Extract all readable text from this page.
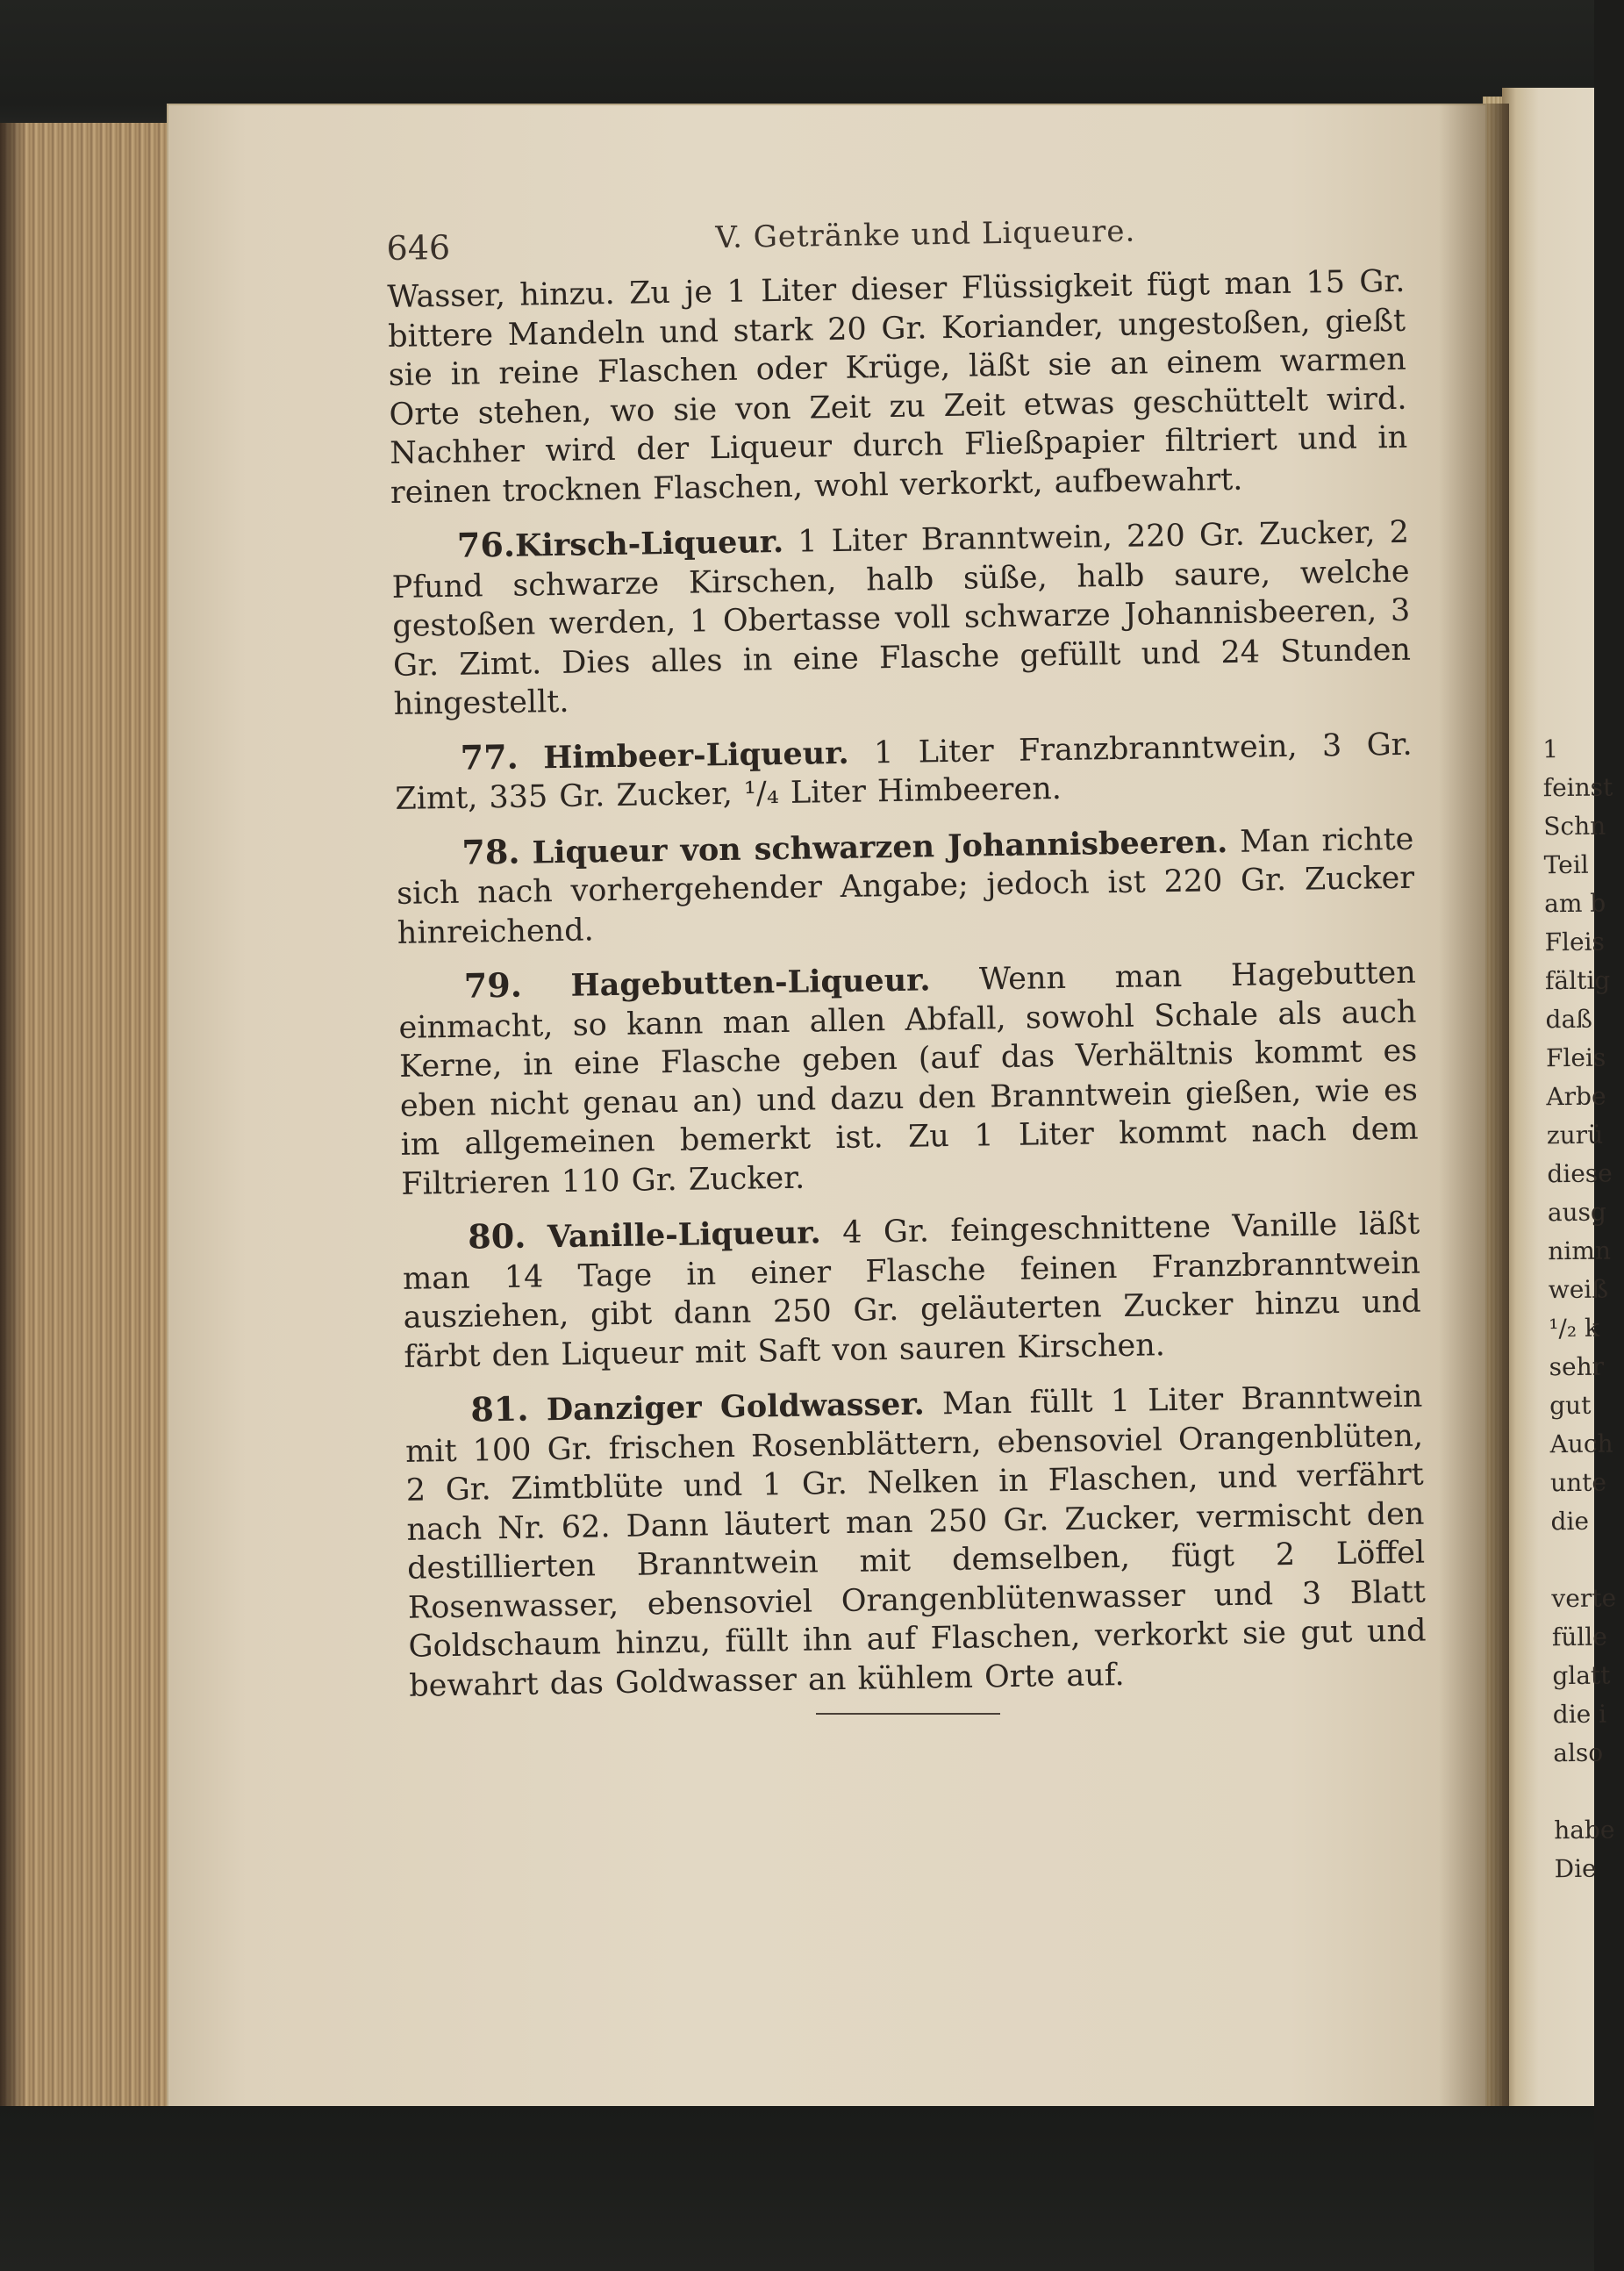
646	V. Getränke und Liqueure.

Wasser, hinzu. Zu je 1 Liter dieser Flüssigkeit fügt man 15 Gr. bittere Mandeln und stark 20 Gr. Koriander, ungestoßen, gießt sie in reine Flaschen oder Krüge, läßt sie an einem warmen Orte stehen, wo sie von Zeit zu Zeit etwas geschüttelt wird. Nachher wird der Liqueur durch Fließpapier filtriert und in reinen trocknen Flaschen, wohl verkorkt, aufbewahrt.

76.Kirsch-Liqueur. 1 Liter Branntwein, 220 Gr. Zucker, 2 Pfund schwarze Kirschen, halb süße, halb saure, welche gestoßen werden, 1 Obertasse voll schwarze Johannisbeeren, 3 Gr. Zimt. Dies alles in eine Flasche gefüllt und 24 Stunden hingestellt.

77. Himbeer-Liqueur. 1 Liter Franzbranntwein, 3 Gr. Zimt, 335 Gr. Zucker, ¹/₄ Liter Himbeeren.

78. Liqueur von schwarzen Johannisbeeren. Man richte sich nach vorhergehender Angabe; jedoch ist 220 Gr. Zucker hinreichend.

79. Hagebutten-Liqueur. Wenn man Hagebutten einmacht, so kann man allen Abfall, sowohl Schale als auch Kerne, in eine Flasche geben (auf das Verhältnis kommt es eben nicht genau an) und dazu den Branntwein gießen, wie es im allgemeinen bemerkt ist. Zu 1 Liter kommt nach dem Filtrieren 110 Gr. Zucker.

80. Vanille-Liqueur. 4 Gr. feingeschnittene Vanille läßt man 14 Tage in einer Flasche feinen Franzbranntwein ausziehen, gibt dann 250 Gr. geläuterten Zucker hinzu und färbt den Liqueur mit Saft von sauren Kirschen.

81. Danziger Goldwasser. Man füllt 1 Liter Branntwein mit 100 Gr. frischen Rosenblättern, ebensoviel Orangenblüten, 2 Gr. Zimtblüte und 1 Gr. Nelken in Flaschen, und verfährt nach Nr. 62. Dann läutert man 250 Gr. Zucker, vermischt den destillierten Branntwein mit demselben, fügt 2 Löffel Rosenwasser, ebensoviel Orangenblütenwasser und 3 Blatt Goldschaum hinzu, füllt ihn auf Flaschen, verkorkt sie gut und bewahrt das Goldwasser an kühlem Orte auf.

1
feinst
Schn
Teil
am b
Fleis
fältig
daß
Fleis
Arbe
zurü
diese
ausg
nimn
weiß
¹/₂ k
sehr
gut
Auch
unte
die
verte
fülle
glatt
die i
also
habe
Die
